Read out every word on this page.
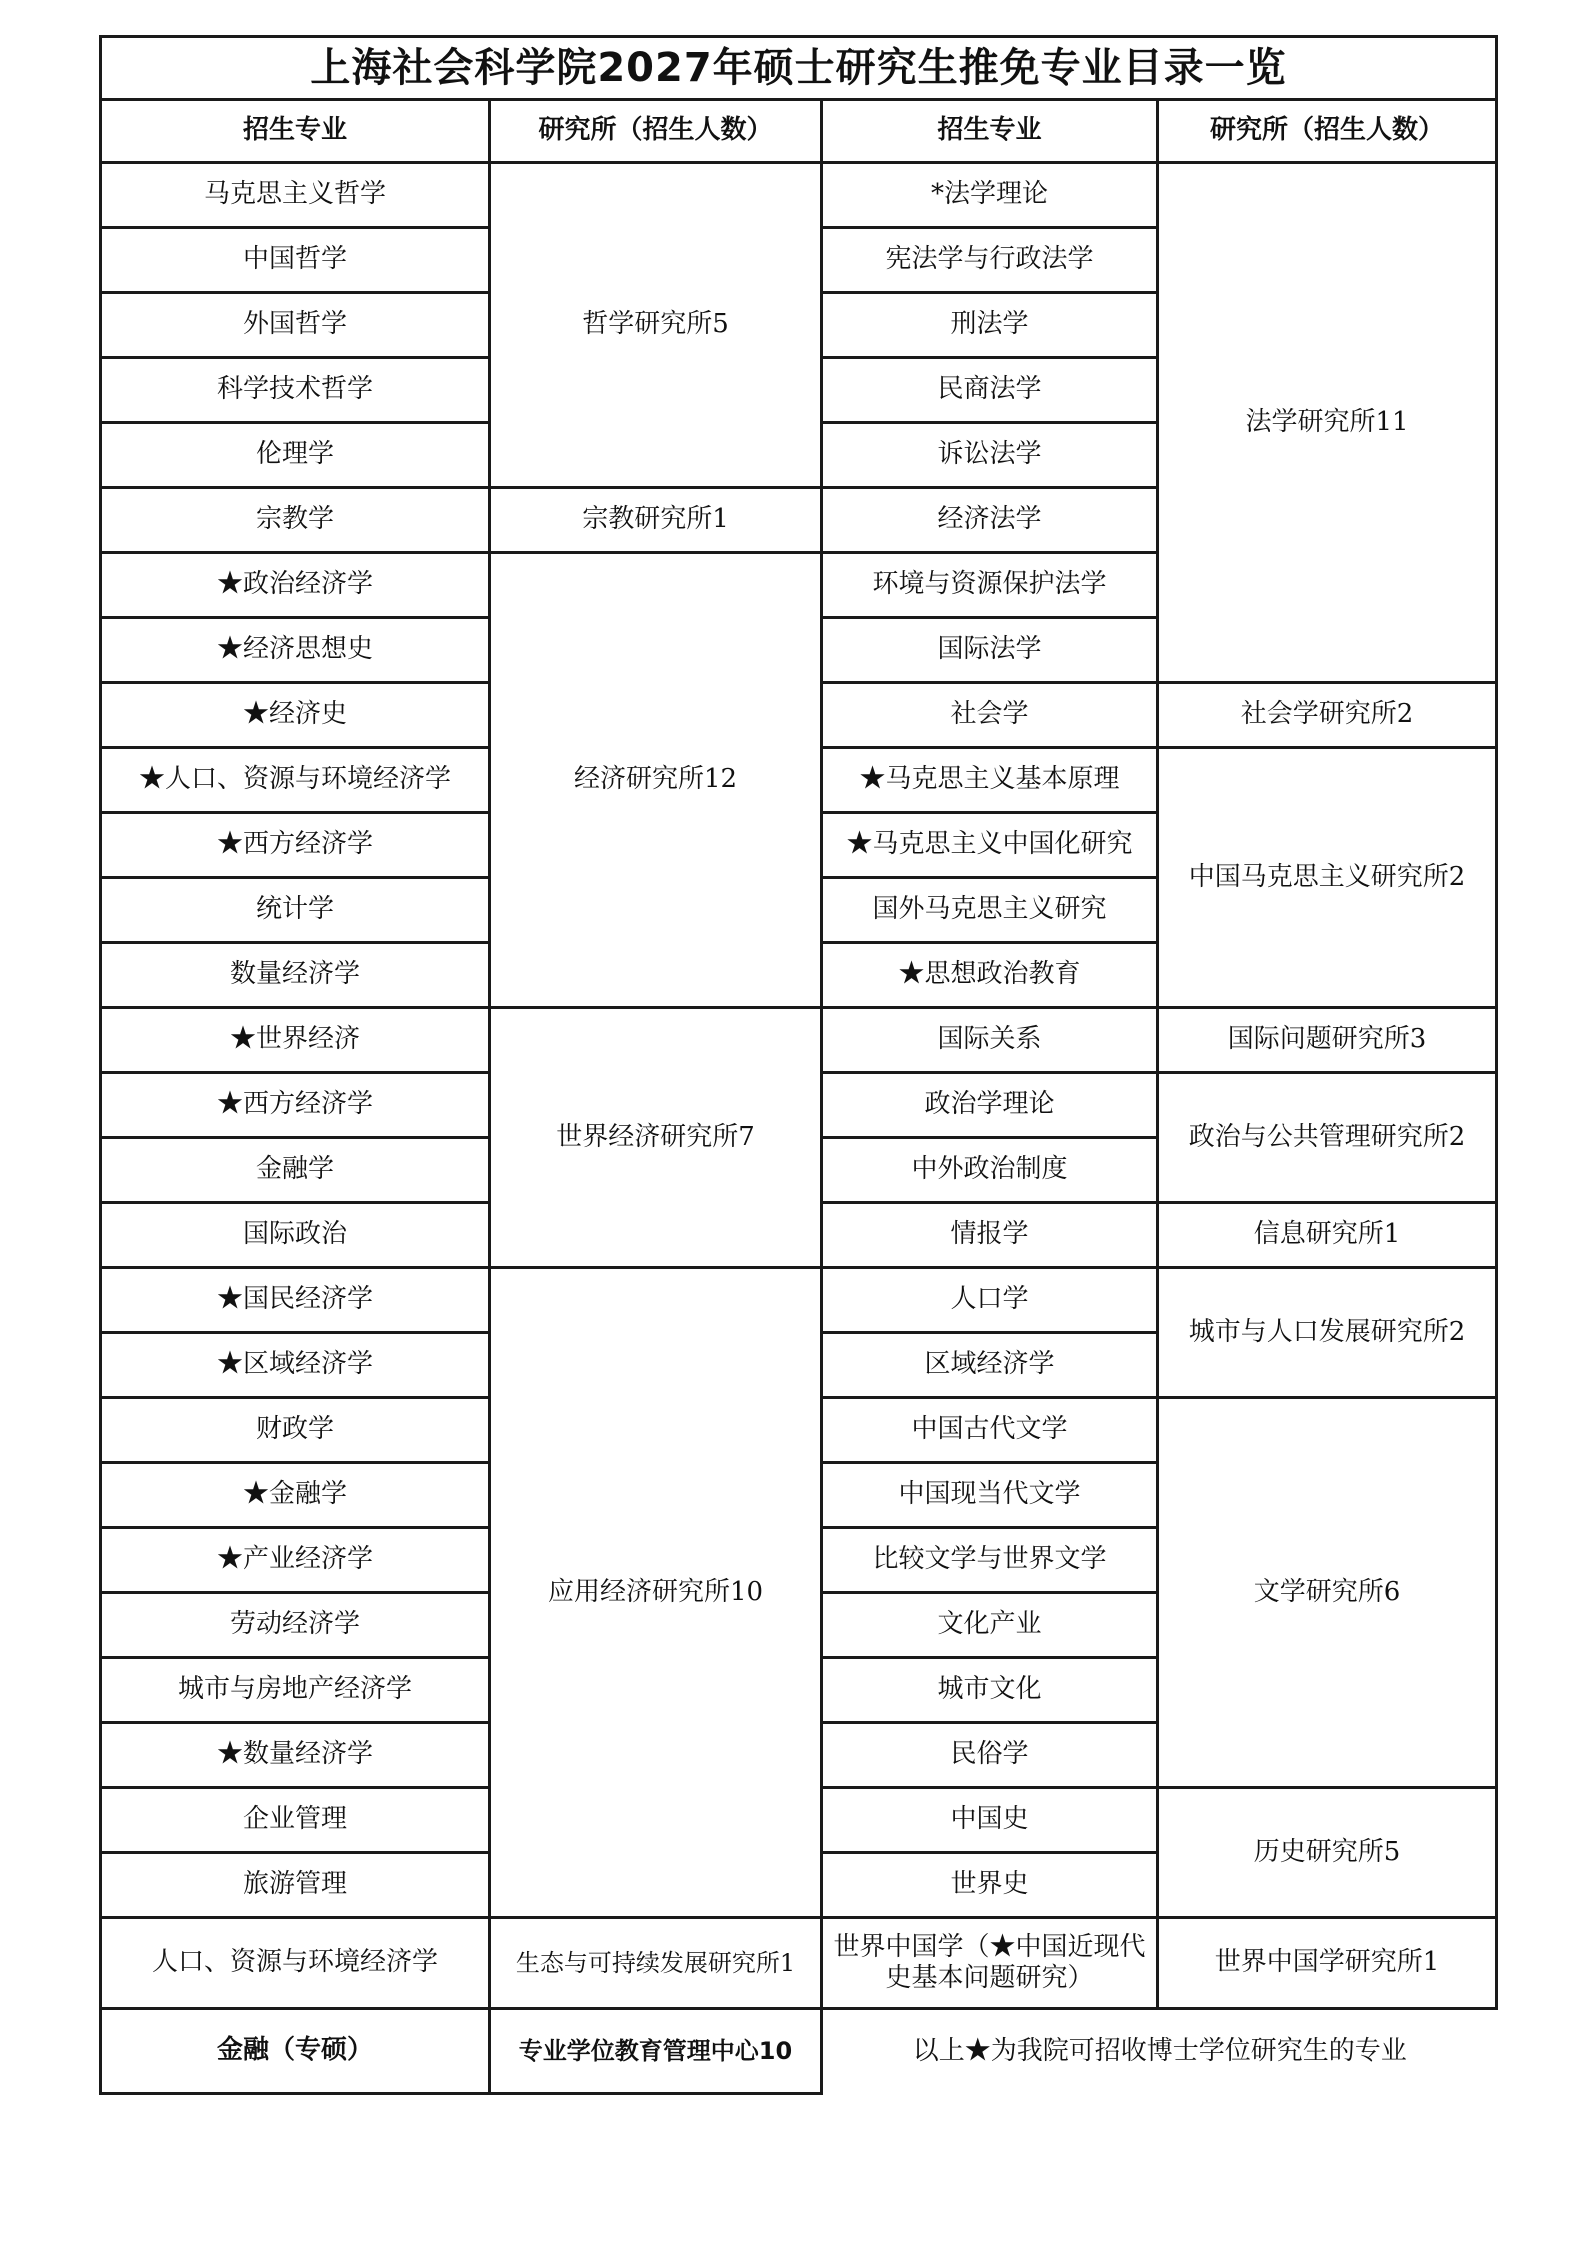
上海社会科学院2027年硕士研究生推免专业目录一览			
招生专业	研究所（招生人数）	招生专业	研究所（招生人数）
马克思主义哲学	哲学研究所5	*法学理论	法学研究所11
中国哲学		宪法学与行政法学	
外国哲学		刑法学	
科学技术哲学		民商法学	
伦理学		诉讼法学	
宗教学	宗教研究所1	经济法学	
★政治经济学	经济研究所12	环境与资源保护法学	
★经济思想史		国际法学	
★经济史		社会学	社会学研究所2
★人口、资源与环境经济学		★马克思主义基本原理	中国马克思主义研究所2
★西方经济学		★马克思主义中国化研究	
统计学		国外马克思主义研究	
数量经济学		★思想政治教育	
★世界经济	世界经济研究所7	国际关系	国际问题研究所3
★西方经济学		政治学理论	政治与公共管理研究所2
金融学		中外政治制度	
国际政治		情报学	信息研究所1
★国民经济学	应用经济研究所10	人口学	城市与人口发展研究所2
★区域经济学		区域经济学	
财政学		中国古代文学	文学研究所6
★金融学		中国现当代文学	
★产业经济学		比较文学与世界文学	
劳动经济学		文化产业	
城市与房地产经济学		城市文化	
★数量经济学		民俗学	
企业管理		中国史	历史研究所5
旅游管理		世界史	
人口、资源与环境经济学	生态与可持续发展研究所1	世界中国学（★中国近现代史基本问题研究）	世界中国学研究所1
金融（专硕）	专业学位教育管理中心10	以上★为我院可招收博士学位研究生的专业	
